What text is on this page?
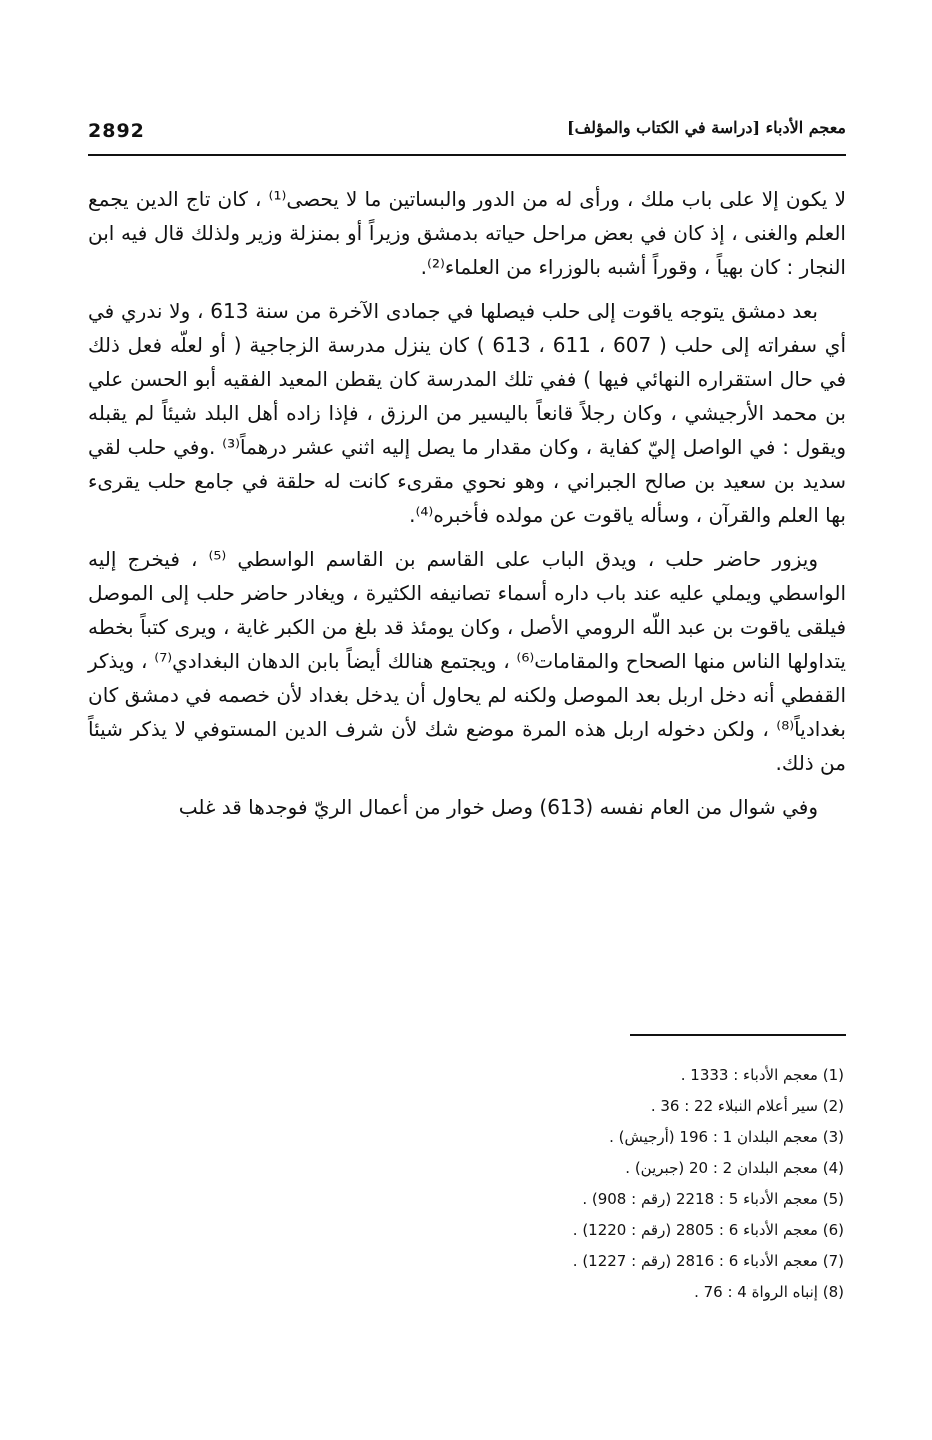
2892	معجم الأدباء [دراسة في الكتاب والمؤلف]

لا يكون إلا على باب ملك ، ورأى له من الدور والبساتين ما لا يحصى⁽¹⁾ ، كان تاج الدين يجمع العلم والغنى ، إذ كان في بعض مراحل حياته بدمشق وزيراً أو بمنزلة وزير ولذلك قال فيه ابن النجار : كان بهياً ، وقوراً أشبه بالوزراء من العلماء⁽²⁾.

بعد دمشق يتوجه ياقوت إلى حلب فيصلها في جمادى الآخرة من سنة 613 ، ولا ندري في أي سفراته إلى حلب ( 607 ، 611 ، 613 ) كان ينزل مدرسة الزجاجية ( أو لعلّه فعل ذلك في حال استقراره النهائي فيها ) ففي تلك المدرسة كان يقطن المعيد الفقيه أبو الحسن علي بن محمد الأرجيشي ، وكان رجلاً قانعاً باليسير من الرزق ، فإذا زاده أهل البلد شيئاً لم يقبله ويقول : في الواصل إليّ كفاية ، وكان مقدار ما يصل إليه اثني عشر درهماً⁽³⁾ .وفي حلب لقي سديد بن سعيد بن صالح الجبراني ، وهو نحوي مقرىء كانت له حلقة في جامع حلب يقرىء بها العلم والقرآن ، وسأله ياقوت عن مولده فأخبره⁽⁴⁾.

ويزور حاضر حلب ، ويدق الباب على القاسم بن القاسم الواسطي ⁽⁵⁾ ، فيخرج إليه الواسطي ويملي عليه عند باب داره أسماء تصانيفه الكثيرة ، ويغادر حاضر حلب إلى الموصل فيلقى ياقوت بن عبد اللّه الرومي الأصل ، وكان يومئذ قد بلغ من الكبر غاية ، ويرى كتباً بخطه يتداولها الناس منها الصحاح والمقامات⁽⁶⁾ ، ويجتمع هنالك أيضاً بابن الدهان البغدادي⁽⁷⁾ ، ويذكر القفطي أنه دخل اربل بعد الموصل ولكنه لم يحاول أن يدخل بغداد لأن خصمه في دمشق كان بغدادياً⁽⁸⁾ ، ولكن دخوله اربل هذه المرة موضع شك لأن شرف الدين المستوفي لا يذكر شيئاً من ذلك.

وفي شوال من العام نفسه (613) وصل خوار من أعمال الريّ فوجدها قد غلب

(1) معجم الأدباء : 1333 .
(2) سير أعلام النبلاء 22 : 36 .
(3) معجم البلدان 1 : 196 (أرجيش) .
(4) معجم البلدان 2 : 20 (جبرين) .
(5) معجم الأدباء 5 : 2218 (رقم : 908) .
(6) معجم الأدباء 6 : 2805 (رقم : 1220) .
(7) معجم الأدباء 6 : 2816 (رقم : 1227) .
(8) إنباه الرواة 4 : 76 .
